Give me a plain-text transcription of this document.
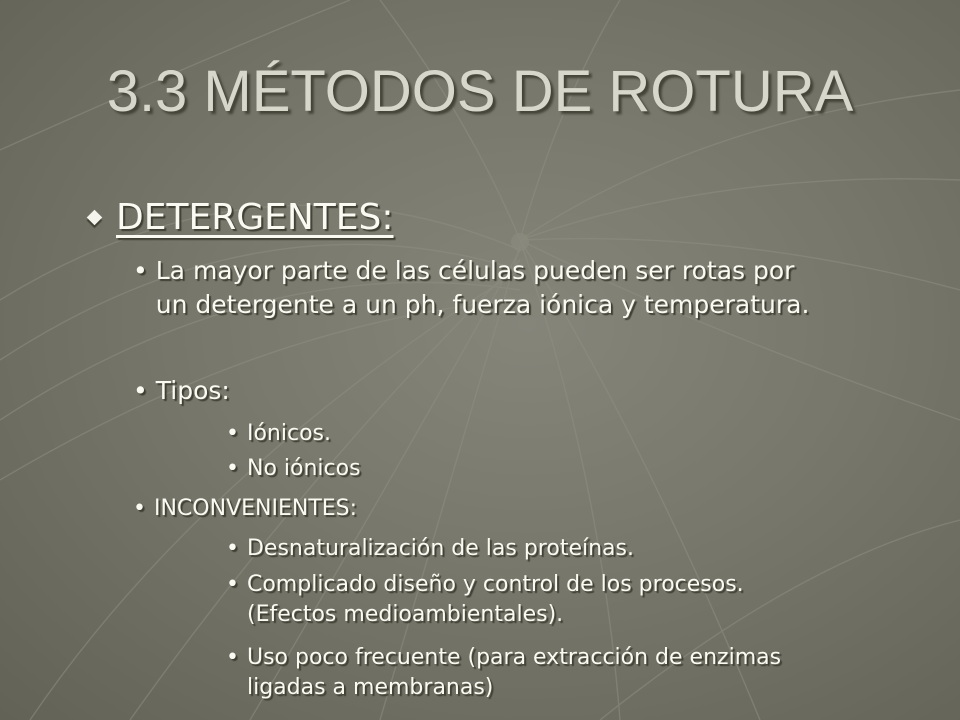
3.3 MÉTODOS DE ROTURA
DETERGENTES:
• La mayor parte de las células pueden ser rotas por un detergente a un ph, fuerza iónica y temperatura.
• Tipos:
• Iónicos.
• No iónicos
• INCONVENIENTES:
• Desnaturalización de las proteínas.
• Complicado diseño y control de los procesos.(Efectos medioambientales).
• Uso poco frecuente (para extracción de enzimas ligadas a membranas)
